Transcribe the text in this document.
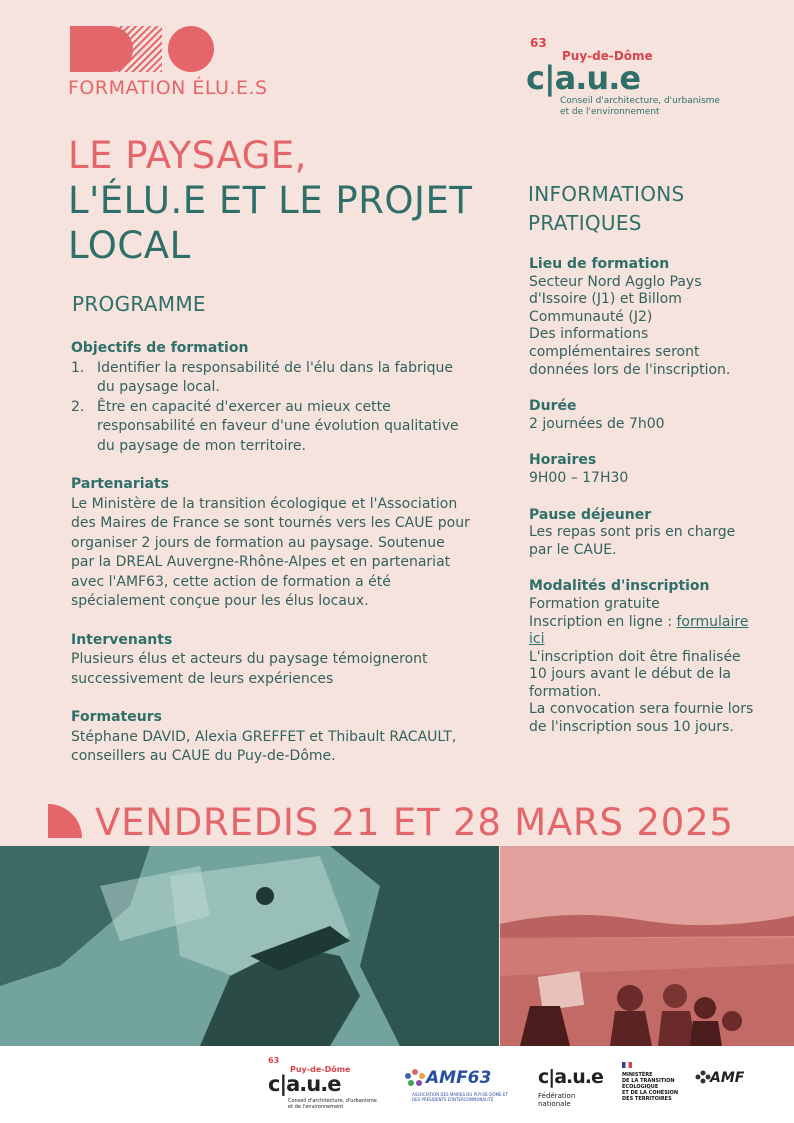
FORMATION ÉLU.E.S
63
Puy-de-Dôme
c|a.u.e
Conseil d'architecture, d'urbanisme
et de l'environnement
LE PAYSAGE,
L'ÉLU.E ET LE PROJET
LOCAL
PROGRAMME
Objectifs de formation
1. Identifier la responsabilité de l'élu dans la fabrique du paysage local.
2. Être en capacité d'exercer au mieux cette responsabilité en faveur d'une évolution qualitative du paysage de mon territoire.
Partenariats
Le Ministère de la transition écologique et l'Association des Maires de France se sont tournés vers les CAUE pour organiser 2 jours de formation au paysage. Soutenue par la DREAL Auvergne-Rhône-Alpes et en partenariat avec l'AMF63, cette action de formation a été spécialement conçue pour les élus locaux.
Intervenants
Plusieurs élus et acteurs du paysage témoigneront successivement de leurs expériences
Formateurs
Stéphane DAVID, Alexia GREFFET et Thibault RACAULT, conseillers au CAUE du Puy-de-Dôme.
INFORMATIONS
PRATIQUES
Lieu de formation
Secteur Nord Agglo Pays d'Issoire (J1) et Billom Communauté (J2)
Des informations complémentaires seront données lors de l'inscription.
Durée
2 journées de 7h00
Horaires
9H00 – 17H30
Pause déjeuner
Les repas sont pris en charge par le CAUE.
Modalités d'inscription
Formation gratuite
Inscription en ligne : formulaire ici
L'inscription doit être finalisée 10 jours avant le début de la formation.
La convocation sera fournie lors de l'inscription sous 10 jours.
VENDREDIS 21 ET 28 MARS 2025
63
Puy-de-Dôme
c|a.u.e
Conseil d'architecture, d'urbanisme
et de l'environnement
AMF63
ASSOCIATION DES MAIRES DU PUY-DE-DÔME ET DES PRÉSIDENTS D'INTERCOMMUNALITÉ
c|a.u.e
Fédération nationale
MINISTÈRE
DE LA TRANSITION
ÉCOLOGIQUE
ET DE LA COHÉSION
DES TERRITOIRES
AMF
